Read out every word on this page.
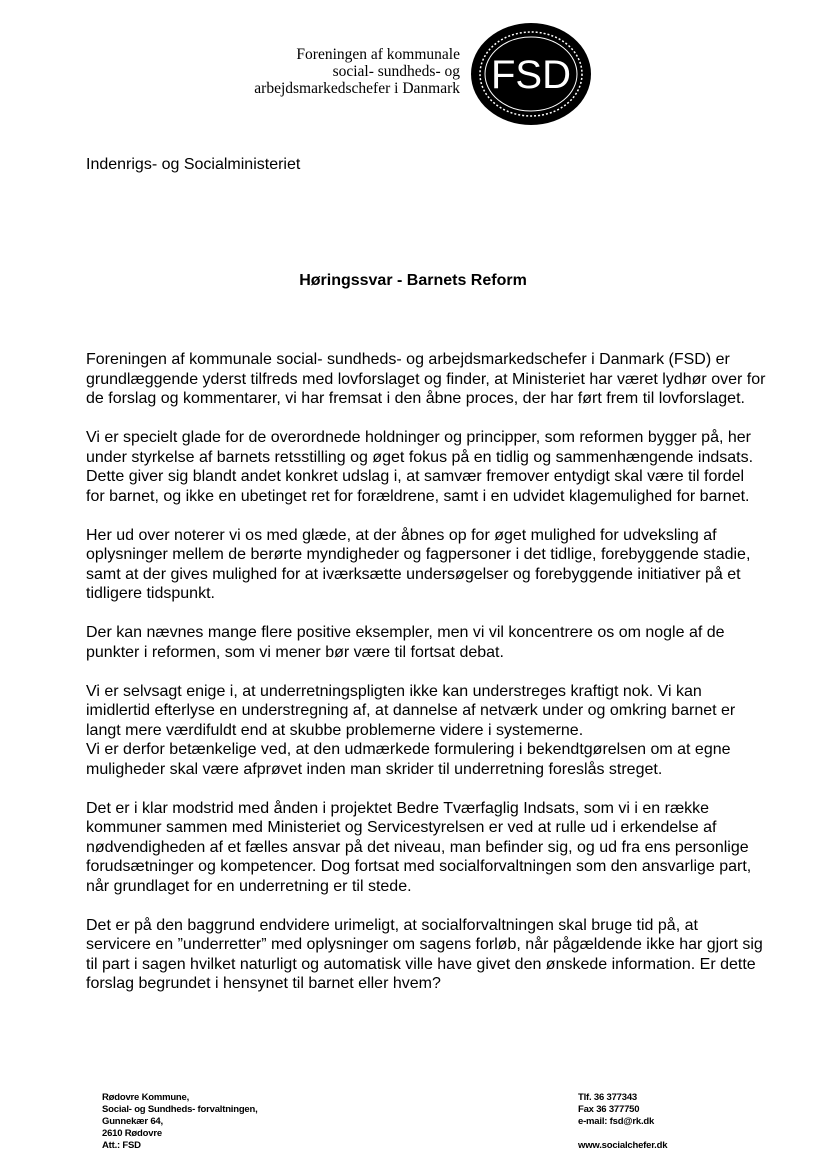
Foreningen af kommunale
social- sundheds- og
arbejdsmarkedschefer i Danmark FSD
Indenrigs- og Socialministeriet
Høringssvar - Barnets Reform

Foreningen af kommunale social- sundheds- og arbejdsmarkedschefer i Danmark (FSD) er grundlæggende yderst tilfreds med lovforslaget og finder, at Ministeriet har været lydhør over for de forslag og kommentarer, vi har fremsat i den åbne proces, der har ført frem til lovforslaget.

Vi er specielt glade for de overordnede holdninger og principper, som reformen bygger på, her under styrkelse af barnets retsstilling og øget fokus på en tidlig og sammenhængende indsats.

Dette giver sig blandt andet konkret udslag i, at samvær fremover entydigt skal være til fordel for barnet, og ikke en ubetinget ret for forældrene, samt i en udvidet klagemulighed for barnet.

Her ud over noterer vi os med glæde, at der åbnes op for øget mulighed for udveksling af oplysninger mellem de berørte myndigheder og fagpersoner i det tidlige, forebyggende stadie, samt at der gives mulighed for at iværksætte undersøgelser og forebyggende initiativer på et tidligere tidspunkt.

Der kan nævnes mange flere positive eksempler, men vi vil koncentrere os om nogle af de punkter i reformen, som vi mener bør være til fortsat debat.

Vi er selvsagt enige i, at underretningspligten ikke kan understreges kraftigt nok. Vi kan imidlertid efterlyse en understregning af, at dannelse af netværk under og omkring barnet er langt mere værdifuldt end at skubbe problemerne videre i systemerne.

Vi er derfor betænkelige ved, at den udmærkede formulering i bekendtgørelsen om at egne muligheder skal være afprøvet inden man skrider til underretning foreslås streget.

Det er i klar modstrid med ånden i projektet Bedre Tværfaglig Indsats, som vi i en række kommuner sammen med Ministeriet og Servicestyrelsen er ved at rulle ud i erkendelse af nødvendigheden af et fælles ansvar på det niveau, man befinder sig, og ud fra ens personlige forudsætninger og kompetencer. Dog fortsat med socialforvaltningen som den ansvarlige part, når grundlaget for en underretning er til stede.

Det er på den baggrund endvidere urimeligt, at socialforvaltningen skal bruge tid på, at servicere en ”underretter” med oplysninger om sagens forløb, når pågældende ikke har gjort sig til part i sagen hvilket naturligt og automatisk ville have givet den ønskede information. Er dette forslag begrundet i hensynet til barnet eller hvem?

Rødovre Kommune,
Social- og Sundheds- forvaltningen,
Gunnekær 64,
2610 Rødovre
Att.: FSD
Tlf. 36 377343
Fax 36 377750
e-mail: fsd@rk.dk
www.socialchefer.dk
